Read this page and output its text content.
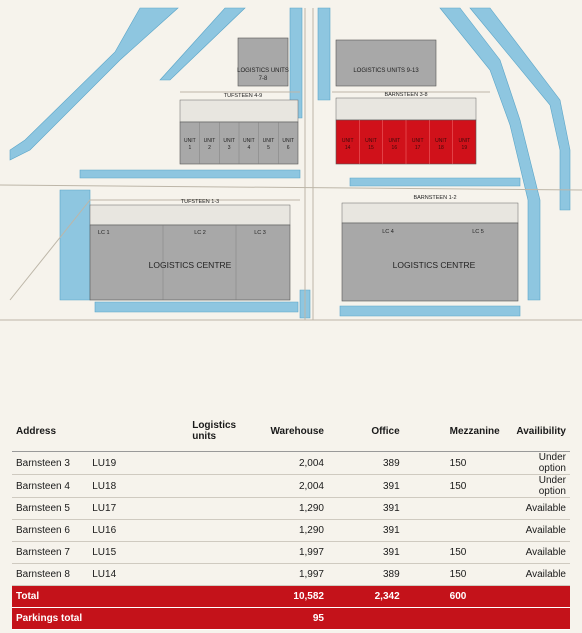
LOGISTICS UNITS
7-8
LOGISTICS UNITS 9-13
TUFSTEEN 4-9	BARNSTEEN 3-8
TUFSTEEN 1-3
BARNSTEEN 1-2
UNIT
1
UNIT
2
UNIT
3
UNIT
4
UNIT
5
UNIT
6
UNIT
14
UNIT
15
UNIT
16
UNIT
17
UNIT
18
UNIT
19
LC 1	LC 2	LC 3
LOGISTICS CENTRE
LC 4	LC 5
LOGISTICS CENTRE
Address	Logistics units	Warehouse	Office	Mezzanine	Availibility
Barnsteen 3	LU19	2,004	389	150	Under option
Barnsteen 4	LU18	2,004	391	150	Under option
Barnsteen 5	LU17	1,290	391		Available
Barnsteen 6	LU16	1,290	391		Available
Barnsteen 7	LU15	1,997	391	150	Available
Barnsteen 8	LU14	1,997	389	150	Available
Total		10,582	2,342	600	
Parkings total		95			
